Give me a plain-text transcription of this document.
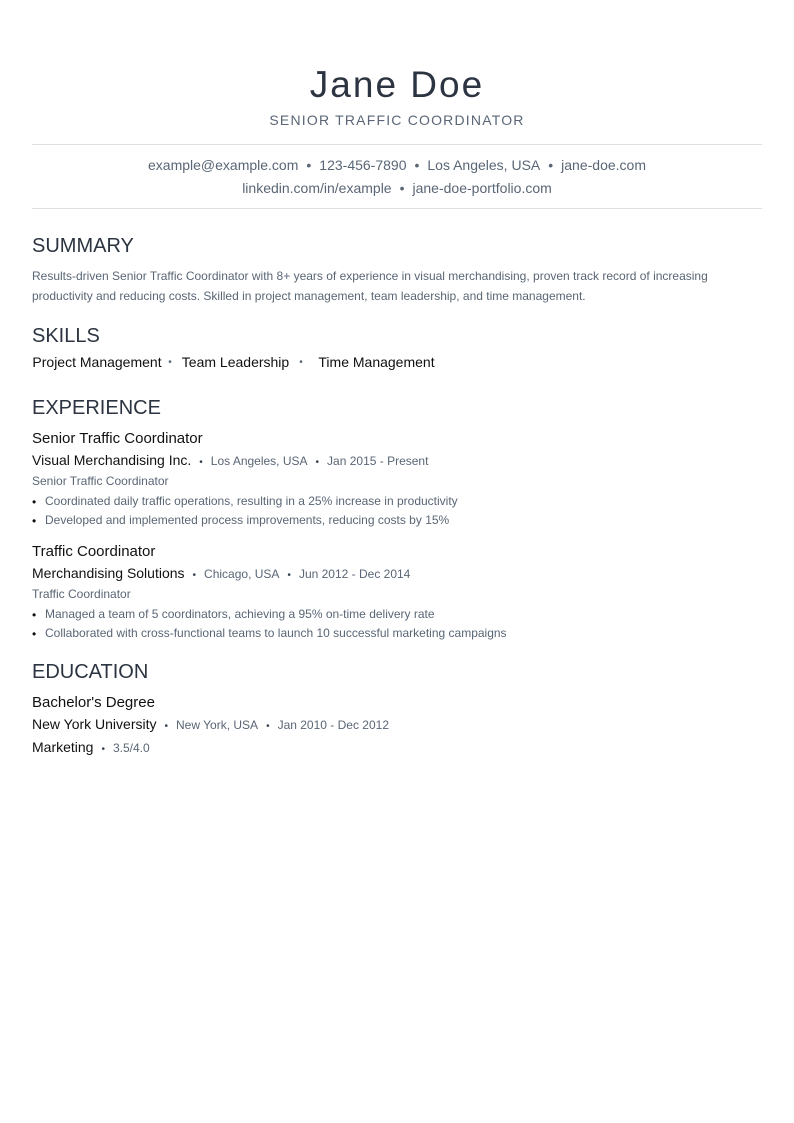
Jane Doe
SENIOR TRAFFIC COORDINATOR
example@example.com • 123-456-7890 • Los Angeles, USA • jane-doe.com
linkedin.com/in/example • jane-doe-portfolio.com
SUMMARY
Results-driven Senior Traffic Coordinator with 8+ years of experience in visual merchandising, proven track record of increasing productivity and reducing costs. Skilled in project management, team leadership, and time management.
SKILLS
Project Management • Team Leadership	•	Time Management
EXPERIENCE
Senior Traffic Coordinator
Visual Merchandising Inc. • Los Angeles, USA • Jan 2015 - Present
Senior Traffic Coordinator
• Coordinated daily traffic operations, resulting in a 25% increase in productivity
• Developed and implemented process improvements, reducing costs by 15%
Traffic Coordinator
Merchandising Solutions • Chicago, USA • Jun 2012 - Dec 2014
Traffic Coordinator
• Managed a team of 5 coordinators, achieving a 95% on-time delivery rate
• Collaborated with cross-functional teams to launch 10 successful marketing campaigns
EDUCATION
Bachelor's Degree
New York University • New York, USA • Jan 2010 - Dec 2012
Marketing • 3.5/4.0
